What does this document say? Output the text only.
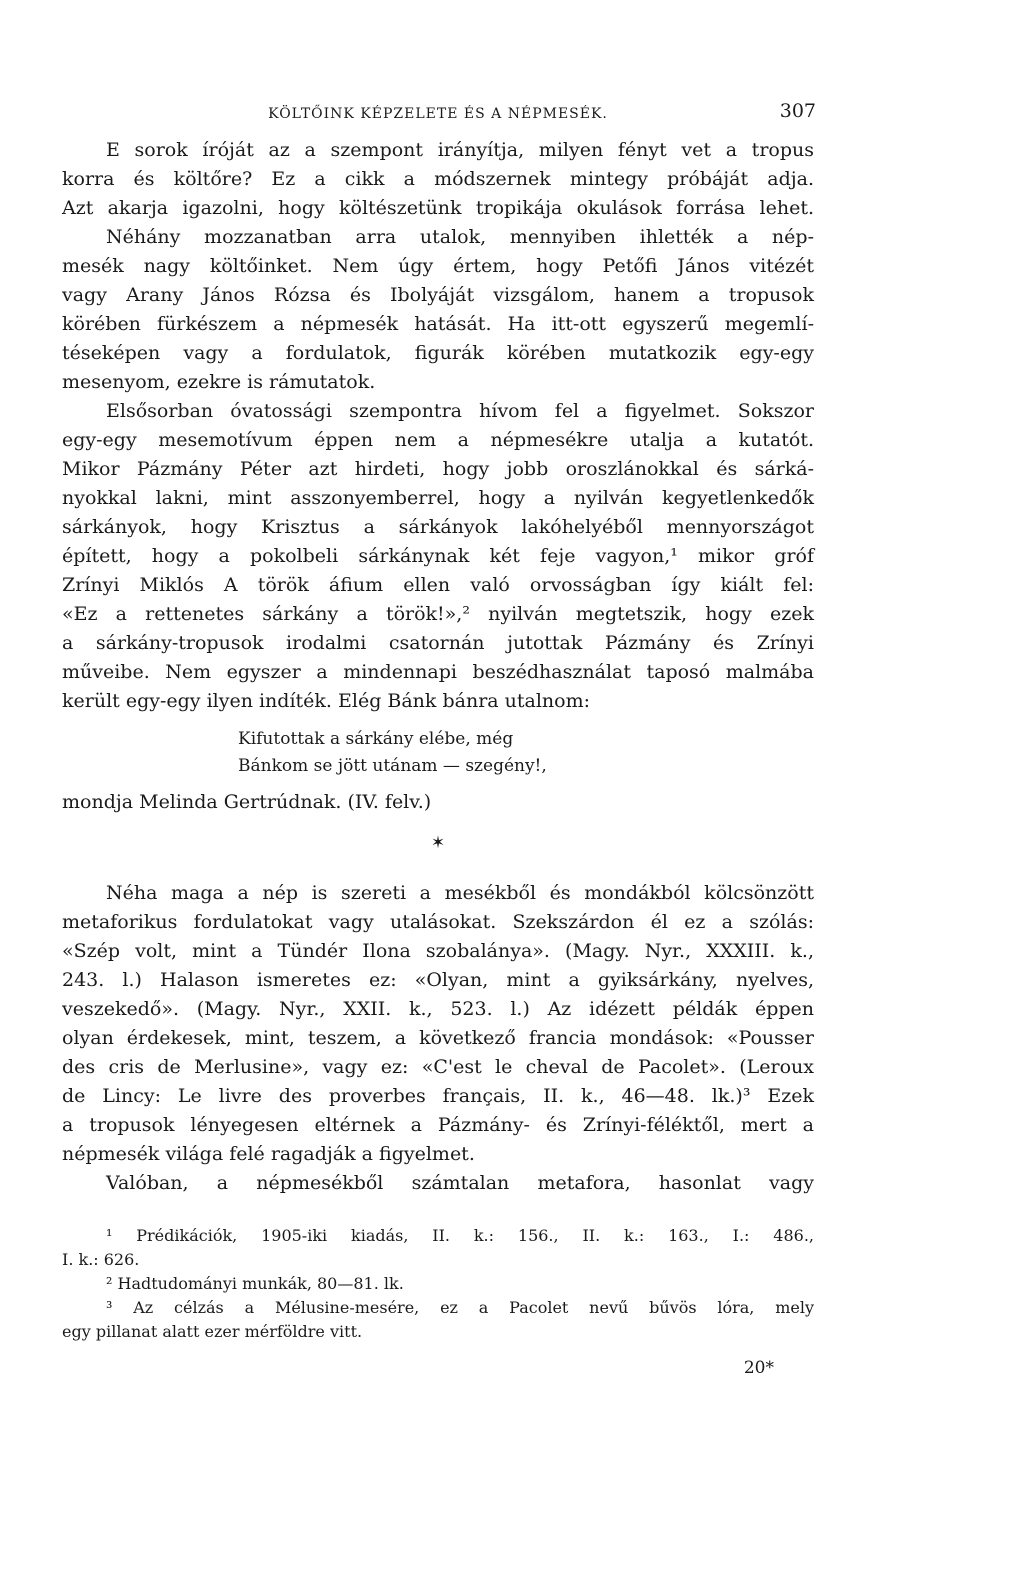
KÖLTŐINK KÉPZELETE ÉS A NÉPMESÉK.	307

E sorok íróját az a szempont irányítja, milyen fényt vet a tropus
korra és költőre? Ez a cikk a módszernek mintegy próbáját adja.
Azt akarja igazolni, hogy költészetünk tropikája okulások forrása lehet.
Néhány mozzanatban arra utalok, mennyiben ihlették a nép-
mesék nagy költőinket. Nem úgy értem, hogy Petőfi János vitézét
vagy Arany János Rózsa és Ibolyáját vizsgálom, hanem a tropusok
körében fürkészem a népmesék hatását. Ha itt-ott egyszerű megemlí-
téseképen vagy a fordulatok, figurák körében mutatkozik egy-egy
mesenyom, ezekre is rámutatok.

Elsősorban óvatossági szempontra hívom fel a figyelmet. Sokszor
egy-egy mesemotívum éppen nem a népmesékre utalja a kutatót.
Mikor Pázmány Péter azt hirdeti, hogy jobb oroszlánokkal és sárká-
nyokkal lakni, mint asszonyemberrel, hogy a nyilván kegyetlenkedők
sárkányok, hogy Krisztus a sárkányok lakóhelyéből mennyországot
épített, hogy a pokolbeli sárkánynak két feje vagyon,¹ mikor gróf
Zrínyi Miklós A török áfium ellen való orvosságban így kiált fel:
«Ez a rettenetes sárkány a török!»,² nyilván megtetszik, hogy ezek
a sárkány-tropusok irodalmi csatornán jutottak Pázmány és Zrínyi
műveibe. Nem egyszer a mindennapi beszédhasználat taposó malmába
került egy-egy ilyen indíték. Elég Bánk bánra utalnom:

Kifutottak a sárkány elébe, még
Bánkom se jött utánam — szegény!,

mondja Melinda Gertrúdnak. (IV. felv.)

✶

Néha maga a nép is szereti a mesékből és mondákból kölcsönzött
metaforikus fordulatokat vagy utalásokat. Szekszárdon él ez a szólás:
«Szép volt, mint a Tündér Ilona szobalánya». (Magy. Nyr., XXXIII. k.,
243. l.) Halason ismeretes ez: «Olyan, mint a gyiksárkány, nyelves,
veszekedő». (Magy. Nyr., XXII. k., 523. l.) Az idézett példák éppen
olyan érdekesek, mint, teszem, a következő francia mondások: «Pousser
des cris de Merlusine», vagy ez: «C'est le cheval de Pacolet». (Leroux
de Lincy: Le livre des proverbes français, II. k., 46—48. lk.)³ Ezek
a tropusok lényegesen eltérnek a Pázmány- és Zrínyi-féléktől, mert a
népmesék világa felé ragadják a figyelmet.

Valóban, a népmesékből számtalan metafora, hasonlat vagy

¹ Prédikációk, 1905-iki kiadás, II. k.: 156., II. k.: 163., I.: 486.,
I. k.: 626.
² Hadtudományi munkák, 80—81. lk.
³ Az célzás a Mélusine-mesére, ez a Pacolet nevű bűvös lóra, mely
egy pillanat alatt ezer mérföldre vitt.
20*
